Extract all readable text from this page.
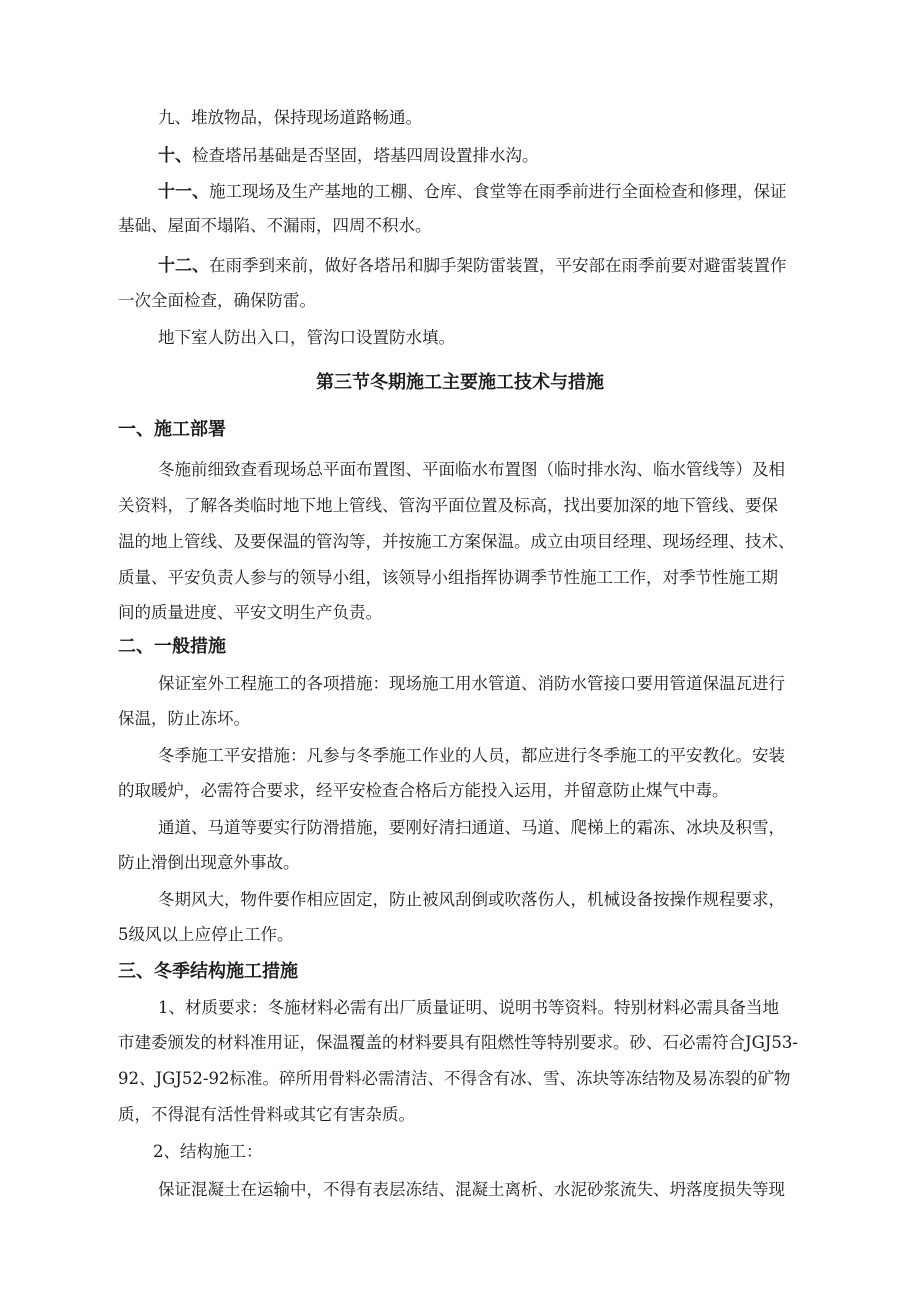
九、堆放物品，保持现场道路畅通。
十、检查塔吊基础是否坚固，塔基四周设置排水沟。
十一、施工现场及生产基地的工棚、仓库、食堂等在雨季前进行全面检查和修理，保证
基础、屋面不塌陷、不漏雨，四周不积水。
十二、在雨季到来前，做好各塔吊和脚手架防雷装置，平安部在雨季前要对避雷装置作
一次全面检查，确保防雷。
地下室人防出入口，管沟口设置防水填。
第三节冬期施工主要施工技术与措施
一、施工部署
冬施前细致查看现场总平面布置图、平面临水布置图（临时排水沟、临水管线等）及相
关资料，了解各类临时地下地上管线、管沟平面位置及标高，找出要加深的地下管线、要保
温的地上管线、及要保温的管沟等，并按施工方案保温。成立由项目经理、现场经理、技术、
质量、平安负责人参与的领导小组，该领导小组指挥协调季节性施工工作，对季节性施工期
间的质量进度、平安文明生产负责。
二、一般措施
保证室外工程施工的各项措施：现场施工用水管道、消防水管接口要用管道保温瓦进行
保温，防止冻坏。
冬季施工平安措施：凡参与冬季施工作业的人员，都应进行冬季施工的平安教化。安装
的取暖炉，必需符合要求，经平安检查合格后方能投入运用，并留意防止煤气中毒。
通道、马道等要实行防滑措施，要刚好清扫通道、马道、爬梯上的霜冻、冰块及积雪，
防止滑倒出现意外事故。
冬期风大，物件要作相应固定，防止被风刮倒或吹落伤人，机械设备按操作规程要求，
5级风以上应停止工作。
三、冬季结构施工措施
1、材质要求：冬施材料必需有出厂质量证明、说明书等资料。特别材料必需具备当地
市建委颁发的材料准用证，保温覆盖的材料要具有阻燃性等特别要求。砂、石必需符合JGJ53-
92、JGJ52-92标准。碎所用骨料必需清洁、不得含有冰、雪、冻块等冻结物及易冻裂的矿物
质，不得混有活性骨料或其它有害杂质。
2、结构施工：
保证混凝土在运输中，不得有表层冻结、混凝土离析、水泥砂浆流失、坍落度损失等现
